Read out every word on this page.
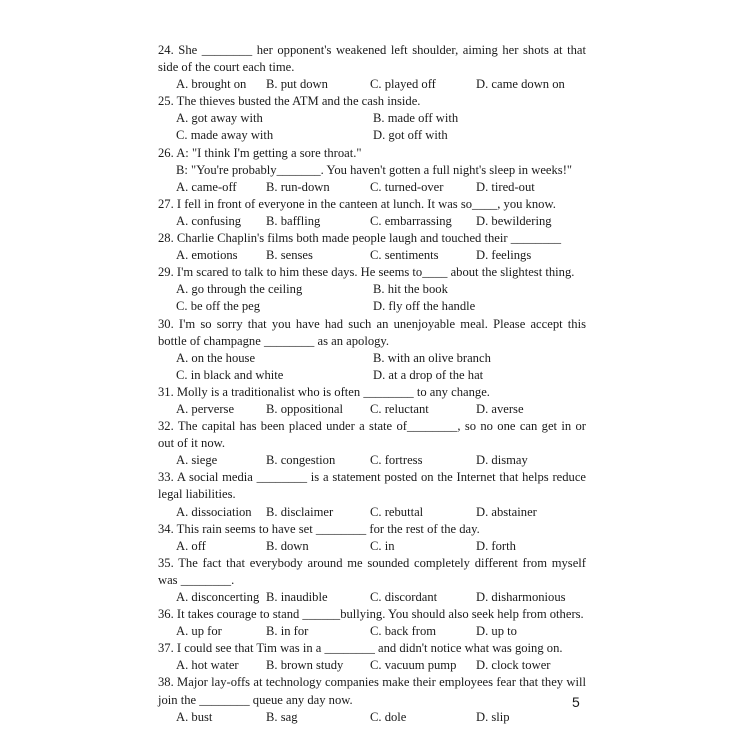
24. She ________ her opponent's weakened left shoulder, aiming her shots at that side of the court each time.

A. brought on	B. put down	C. played off	D. came down on

25. The thieves busted the ATM and the cash inside.

A. got away with	B. made off with
C. made away with	D. got off with

26. A: "I think I'm getting a sore throat."

B: "You're probably_______. You haven't gotten a full night's sleep in weeks!"

A. came-off	B. run-down	C. turned-over	D. tired-out

27. I fell in front of everyone in the canteen at lunch. It was so____, you know.

A. confusing	B. baffling	C. embarrassing	D. bewildering

28. Charlie Chaplin's films both made people laugh and touched their ________

A. emotions	B. senses	C. sentiments	D. feelings

29. I'm scared to talk to him these days. He seems to____ about the slightest thing.

A. go through the ceiling	B. hit the book
C. be off the peg	D. fly off the handle

30. I'm so sorry that you have had such an unenjoyable meal. Please accept this bottle of champagne ________ as an apology.

A. on the house	B. with an olive branch
C. in black and white	D. at a drop of the hat

31. Molly is a traditionalist who is often ________ to any change.

A. perverse	B. oppositional	C. reluctant	D. averse

32. The capital has been placed under a state of________, so no one can get in or out of it now.

A. siege	B. congestion	C. fortress	D. dismay

33. A social media ________ is a statement posted on the Internet that helps reduce legal liabilities.

A. dissociation	B. disclaimer	C. rebuttal	D. abstainer

34. This rain seems to have set ________ for the rest of the day.

A. off	B. down	C. in	D. forth

35. The fact that everybody around me sounded completely different from myself was ________.

A. disconcerting B. inaudible	C. discordant	D. disharmonious

36. It takes courage to stand ______bullying. You should also seek help from others.

A. up for	B. in for	C. back from	D. up to

37. I could see that Tim was in a ________ and didn't notice what was going on.

A. hot water	B. brown study	C. vacuum pump	D. clock tower

38. Major lay-offs at technology companies make their employees fear that they will join the ________ queue any day now.

A. bust	B. sag	C. dole	D. slip
5
